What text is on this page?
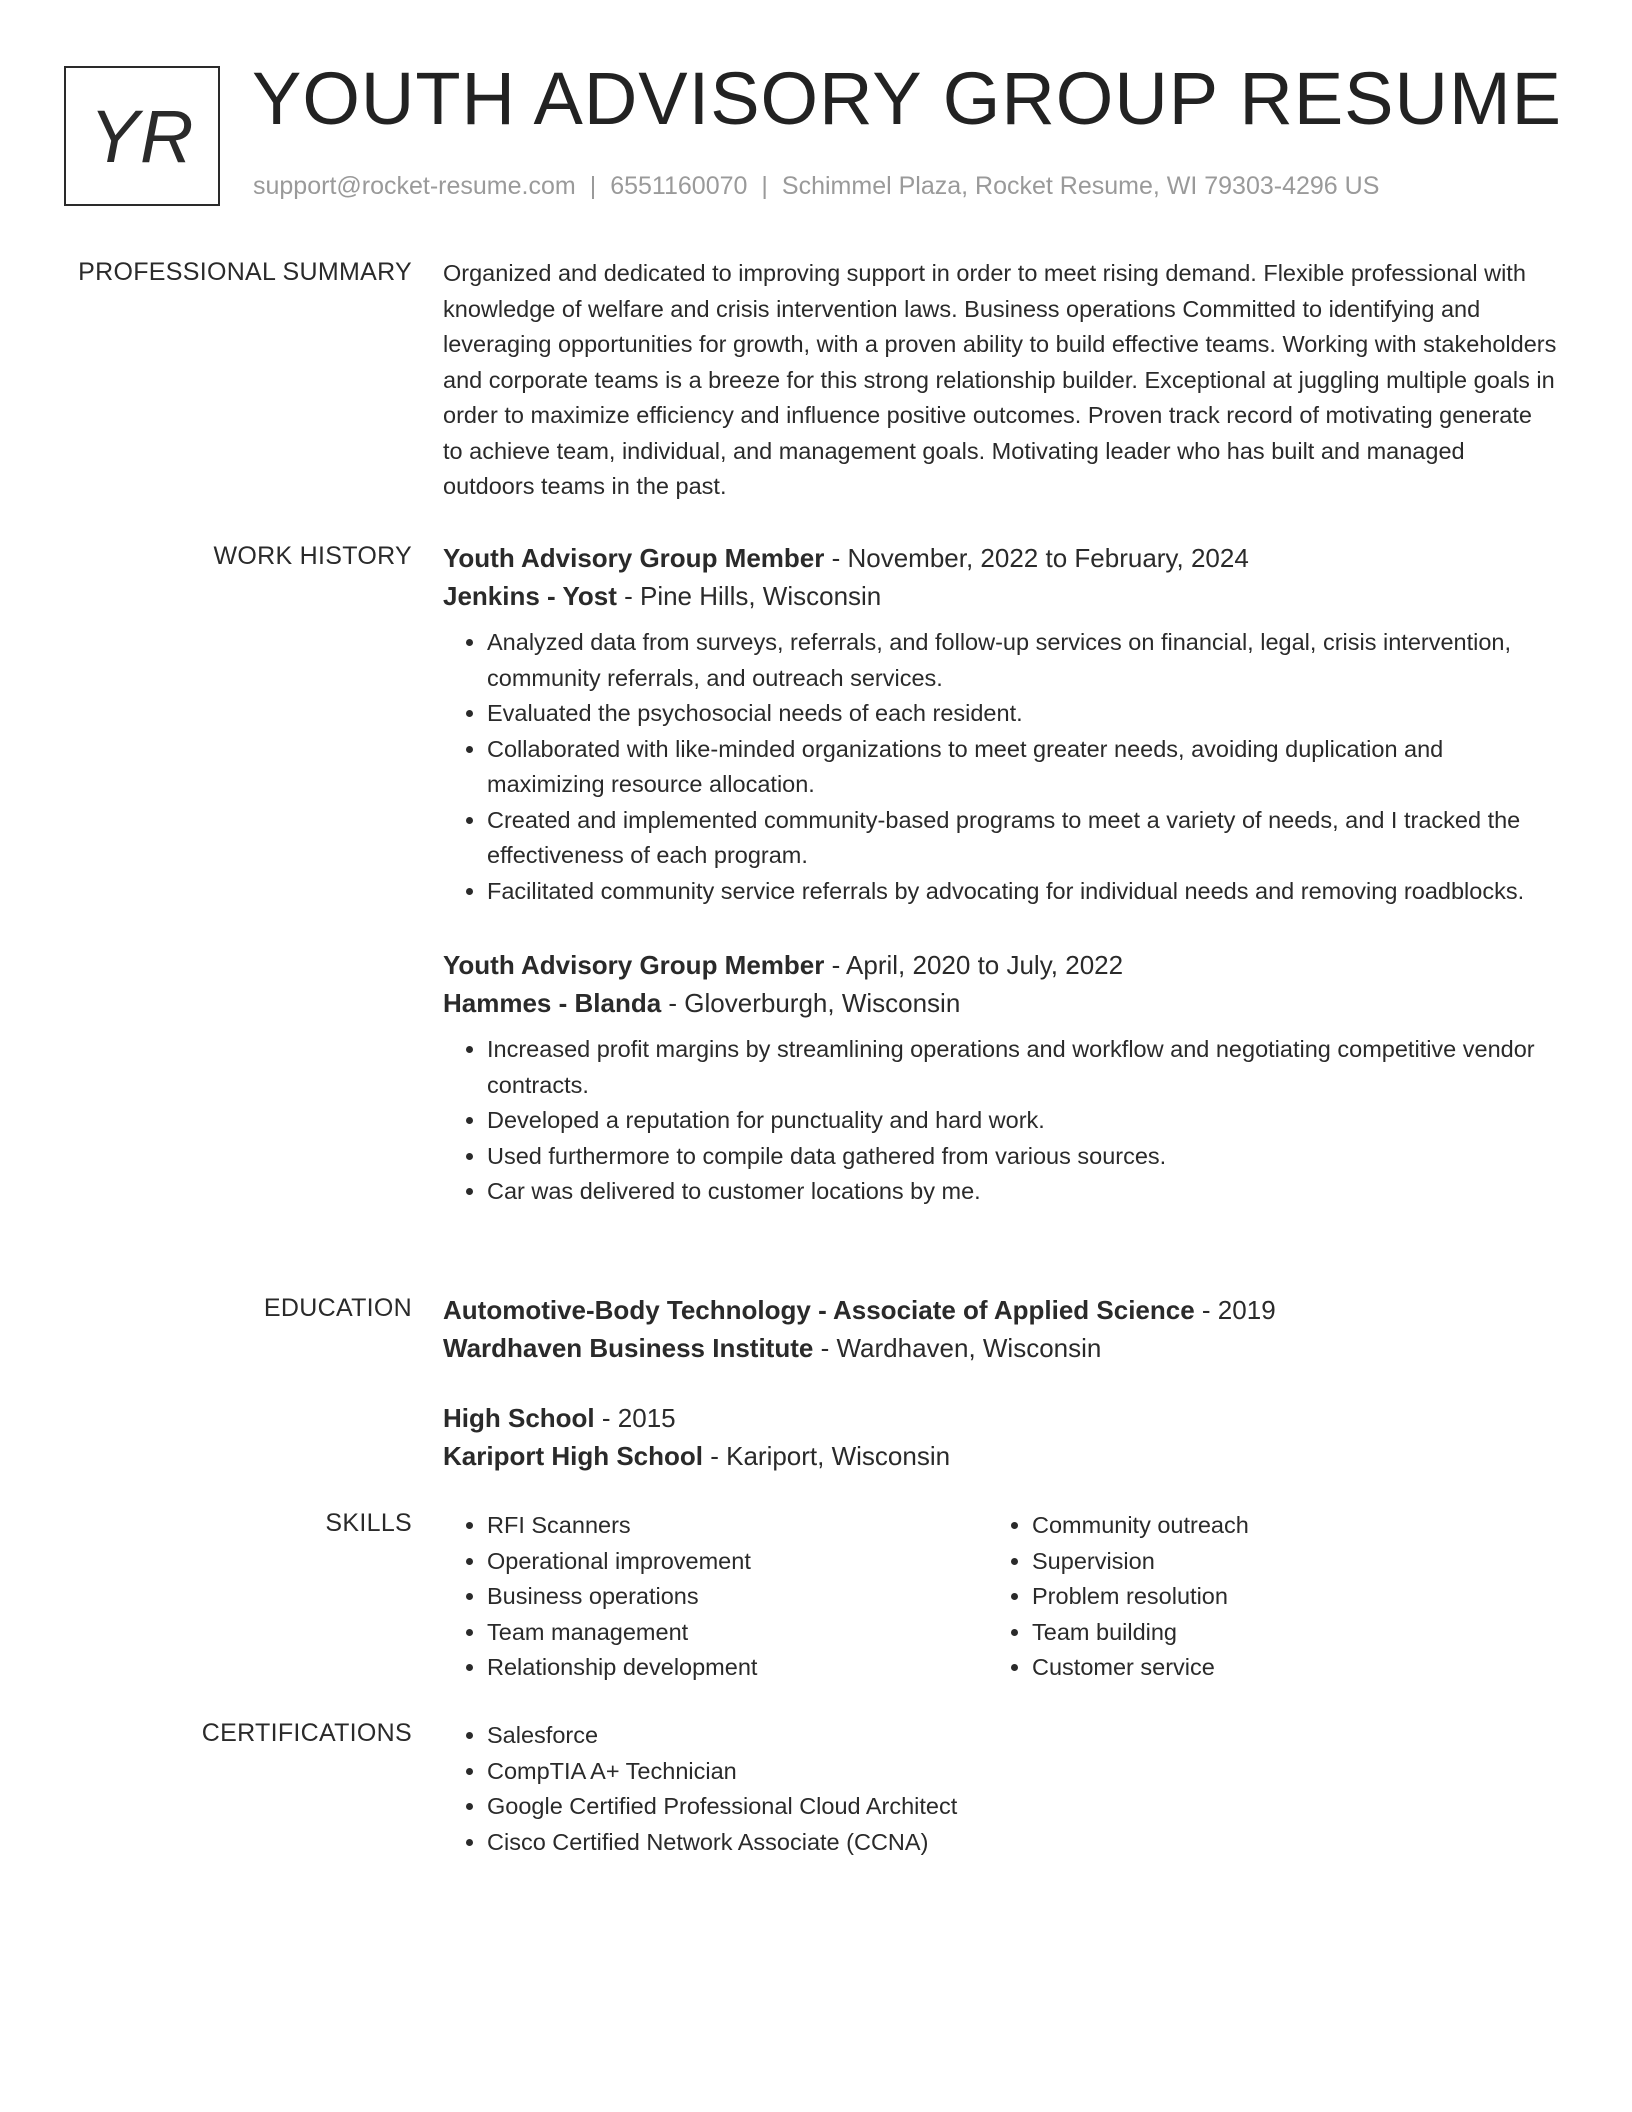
YR YOUTH ADVISORY GROUP RESUME
support@rocket-resume.com | 6551160070 | Schimmel Plaza, Rocket Resume, WI 79303-4296 US
PROFESSIONAL SUMMARY Organized and dedicated to improving support in order to meet rising demand. Flexible professional with knowledge of welfare and crisis intervention laws. Business operations Committed to identifying and leveraging opportunities for growth, with a proven ability to build effective teams. Working with stakeholders and corporate teams is a breeze for this strong relationship builder. Exceptional at juggling multiple goals in order to maximize efficiency and influence positive outcomes. Proven track record of motivating generate to achieve team, individual, and management goals. Motivating leader who has built and managed outdoors teams in the past.

WORK HISTORY Youth Advisory Group Member - November, 2022 to February, 2024
Jenkins - Yost - Pine Hills, Wisconsin
• Analyzed data from surveys, referrals, and follow-up services on financial, legal, crisis intervention, community referrals, and outreach services.
• Evaluated the psychosocial needs of each resident.
• Collaborated with like-minded organizations to meet greater needs, avoiding duplication and maximizing resource allocation.
• Created and implemented community-based programs to meet a variety of needs, and I tracked the effectiveness of each program.
• Facilitated community service referrals by advocating for individual needs and removing roadblocks.
Youth Advisory Group Member - April, 2020 to July, 2022
Hammes - Blanda - Gloverburgh, Wisconsin
• Increased profit margins by streamlining operations and workflow and negotiating competitive vendor contracts.
• Developed a reputation for punctuality and hard work.
• Used furthermore to compile data gathered from various sources.
• Car was delivered to customer locations by me.
EDUCATION Automotive-Body Technology - Associate of Applied Science - 2019
Wardhaven Business Institute - Wardhaven, Wisconsin
High School - 2015
Kariport High School - Kariport, Wisconsin
SKILLS	• RFI Scanners
• Operational improvement
• Business operations
• Team management
• Relationship development
• Community outreach
• Supervision
• Problem resolution
• Team building
• Customer service
CERTIFICATIONS	• Salesforce
• CompTIA A+ Technician
• Google Certified Professional Cloud Architect
• Cisco Certified Network Associate (CCNA)
